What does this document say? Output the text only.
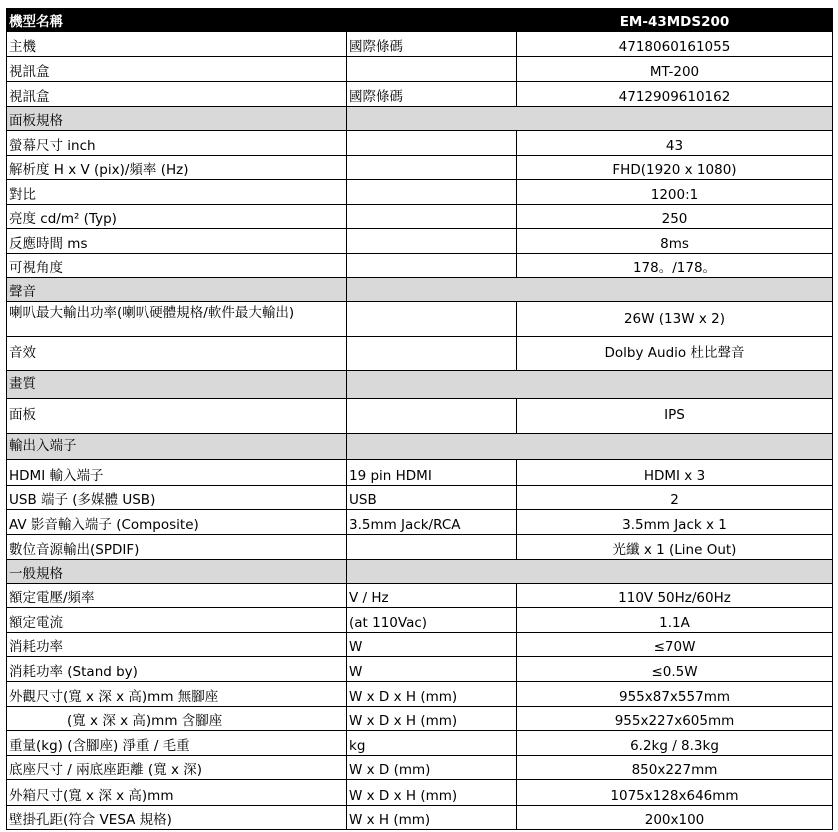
機型名稱		EM-43MDS200
主機	國際條碼	4718060161055
視訊盒		MT-200
視訊盒	國際條碼	4712909610162
面板規格		
螢幕尺寸 inch		43
解析度 H x V (pix)/頻率 (Hz)		FHD(1920 x 1080)
對比		1200:1
亮度 cd/m² (Typ)		250
反應時間 ms		8ms
可視角度		178。/178。
聲音		
喇叭最大輸出功率(喇叭硬體規格/軟件最大輸出)		26W (13W x 2)
音效		Dolby Audio 杜比聲音
畫質		
面板		IPS
輸出入端子		
HDMI 輸入端子	19 pin HDMI	HDMI x 3
USB 端子 (多媒體 USB)	USB	2
AV 影音輸入端子 (Composite)	3.5mm Jack/RCA	3.5mm Jack x 1
數位音源輸出(SPDIF)		光纖 x 1 (Line Out)
一般規格		
額定電壓/頻率	V / Hz	110V 50Hz/60Hz
額定電流	(at 110Vac)	1.1A
消耗功率	W	≤70W
消耗功率 (Stand by)	W	≤0.5W
外觀尺寸(寬 x 深 x 高)mm 無腳座	W x D x H (mm)	955x87x557mm
(寬 x 深 x 高)mm 含腳座	W x D x H (mm)	955x227x605mm
重量(kg) (含腳座) 淨重 / 毛重	kg	6.2kg / 8.3kg
底座尺寸 / 兩底座距離 (寬 x 深)	W x D (mm)	850x227mm
外箱尺寸(寬 x 深 x 高)mm	W x D x H (mm)	1075x128x646mm
壁掛孔距(符合 VESA 規格)	W x H (mm)	200x100
